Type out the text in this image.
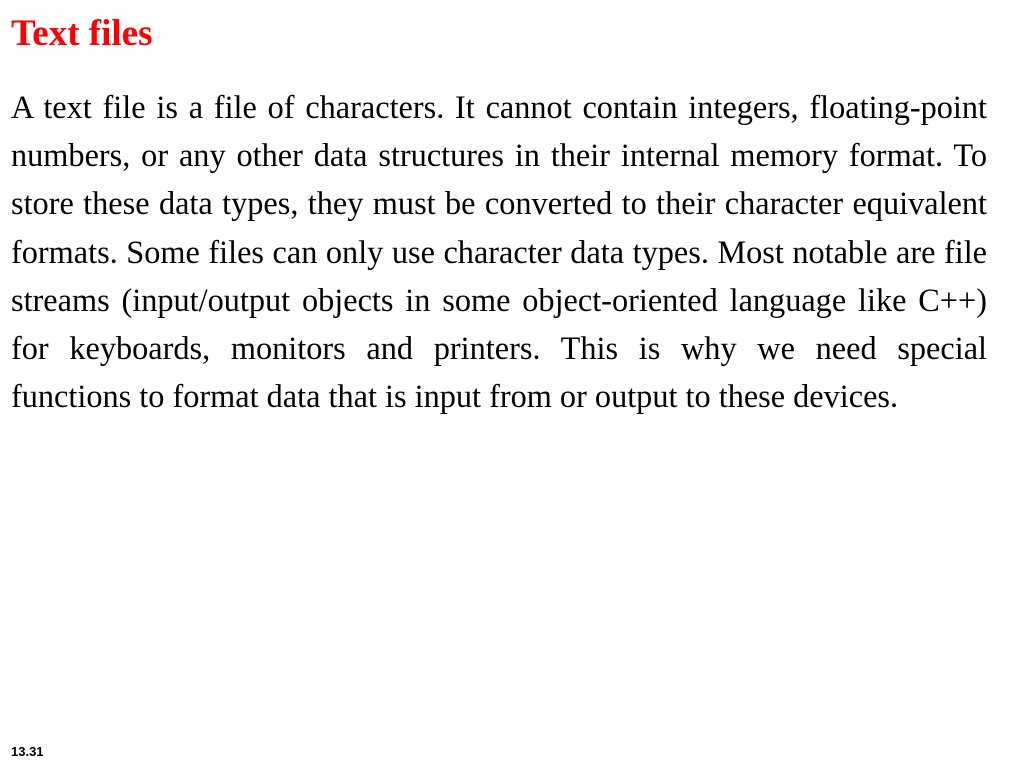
Text files

A text file is a file of characters. It cannot contain integers, floating-point numbers, or any other data structures in their internal memory format. To store these data types, they must be converted to their character equivalent formats. Some files can only use character data types. Most notable are file streams (input/output objects in some object-oriented language like C++) for keyboards, monitors and printers. This is why we need special functions to format data that is input from or output to these devices.

13.31
